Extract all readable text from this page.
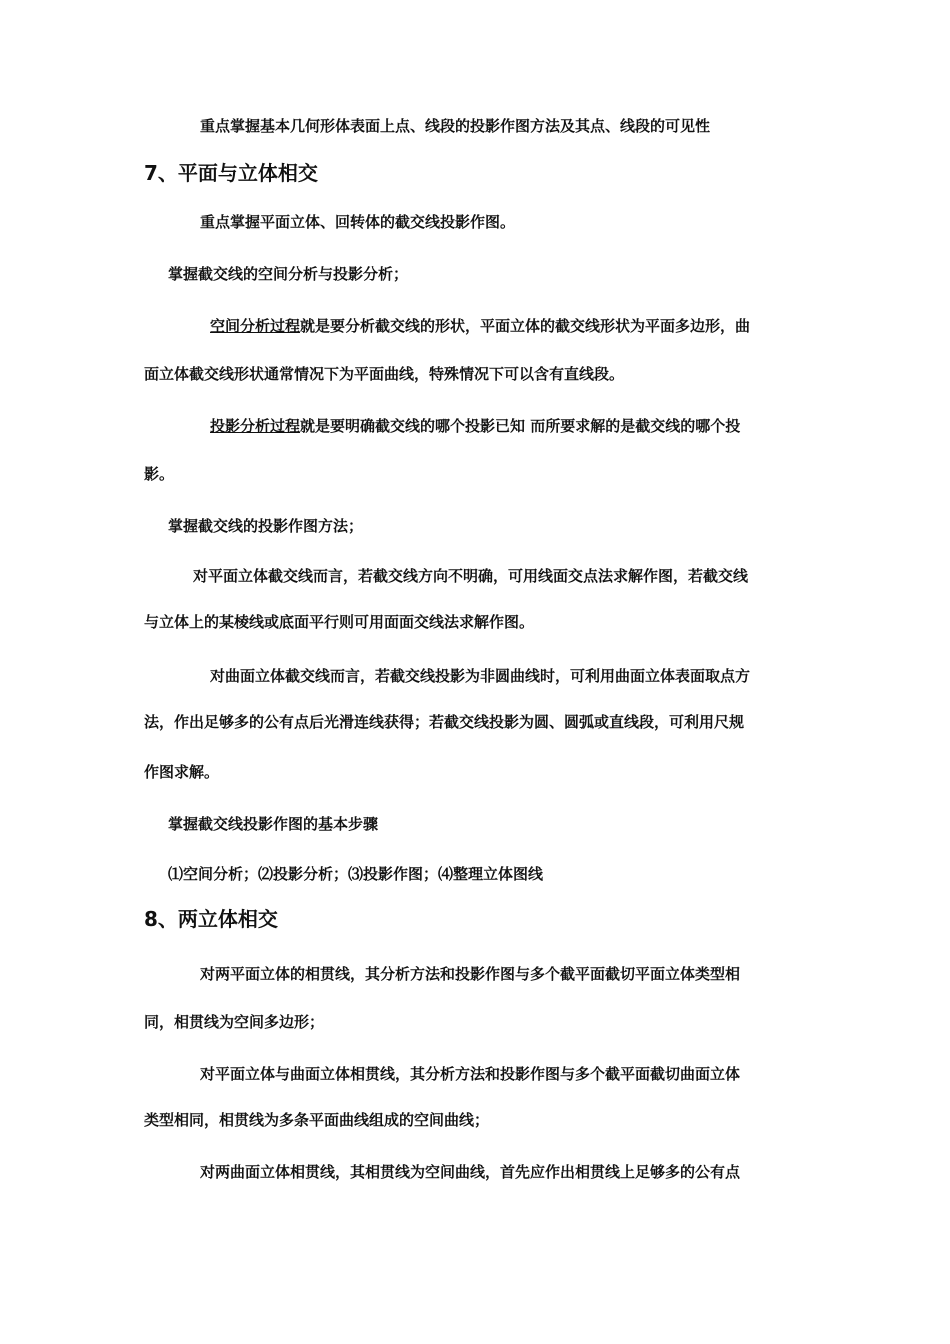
重点掌握基本几何形体表面上点、线段的投影作图方法及其点、线段的可见性
7、平面与立体相交
重点掌握平面立体、回转体的截交线投影作图。
掌握截交线的空间分析与投影分析；
空间分析过程就是要分析截交线的形状，平面立体的截交线形状为平面多边形，曲
面立体截交线形状通常情况下为平面曲线，特殊情况下可以含有直线段。
投影分析过程就是要明确截交线的哪个投影已知 而所要求解的是截交线的哪个投
影。
掌握截交线的投影作图方法；
对平面立体截交线而言，若截交线方向不明确，可用线面交点法求解作图，若截交线
与立体上的某棱线或底面平行则可用面面交线法求解作图。
对曲面立体截交线而言，若截交线投影为非圆曲线时，可利用曲面立体表面取点方
法，作出足够多的公有点后光滑连线获得；若截交线投影为圆、圆弧或直线段，可利用尺规
作图求解。
掌握截交线投影作图的基本步骤
⑴空间分析；⑵投影分析；⑶投影作图；⑷整理立体图线
8、两立体相交
对两平面立体的相贯线，其分析方法和投影作图与多个截平面截切平面立体类型相
同，相贯线为空间多边形；
对平面立体与曲面立体相贯线，其分析方法和投影作图与多个截平面截切曲面立体
类型相同，相贯线为多条平面曲线组成的空间曲线；
对两曲面立体相贯线，其相贯线为空间曲线，首先应作出相贯线上足够多的公有点
